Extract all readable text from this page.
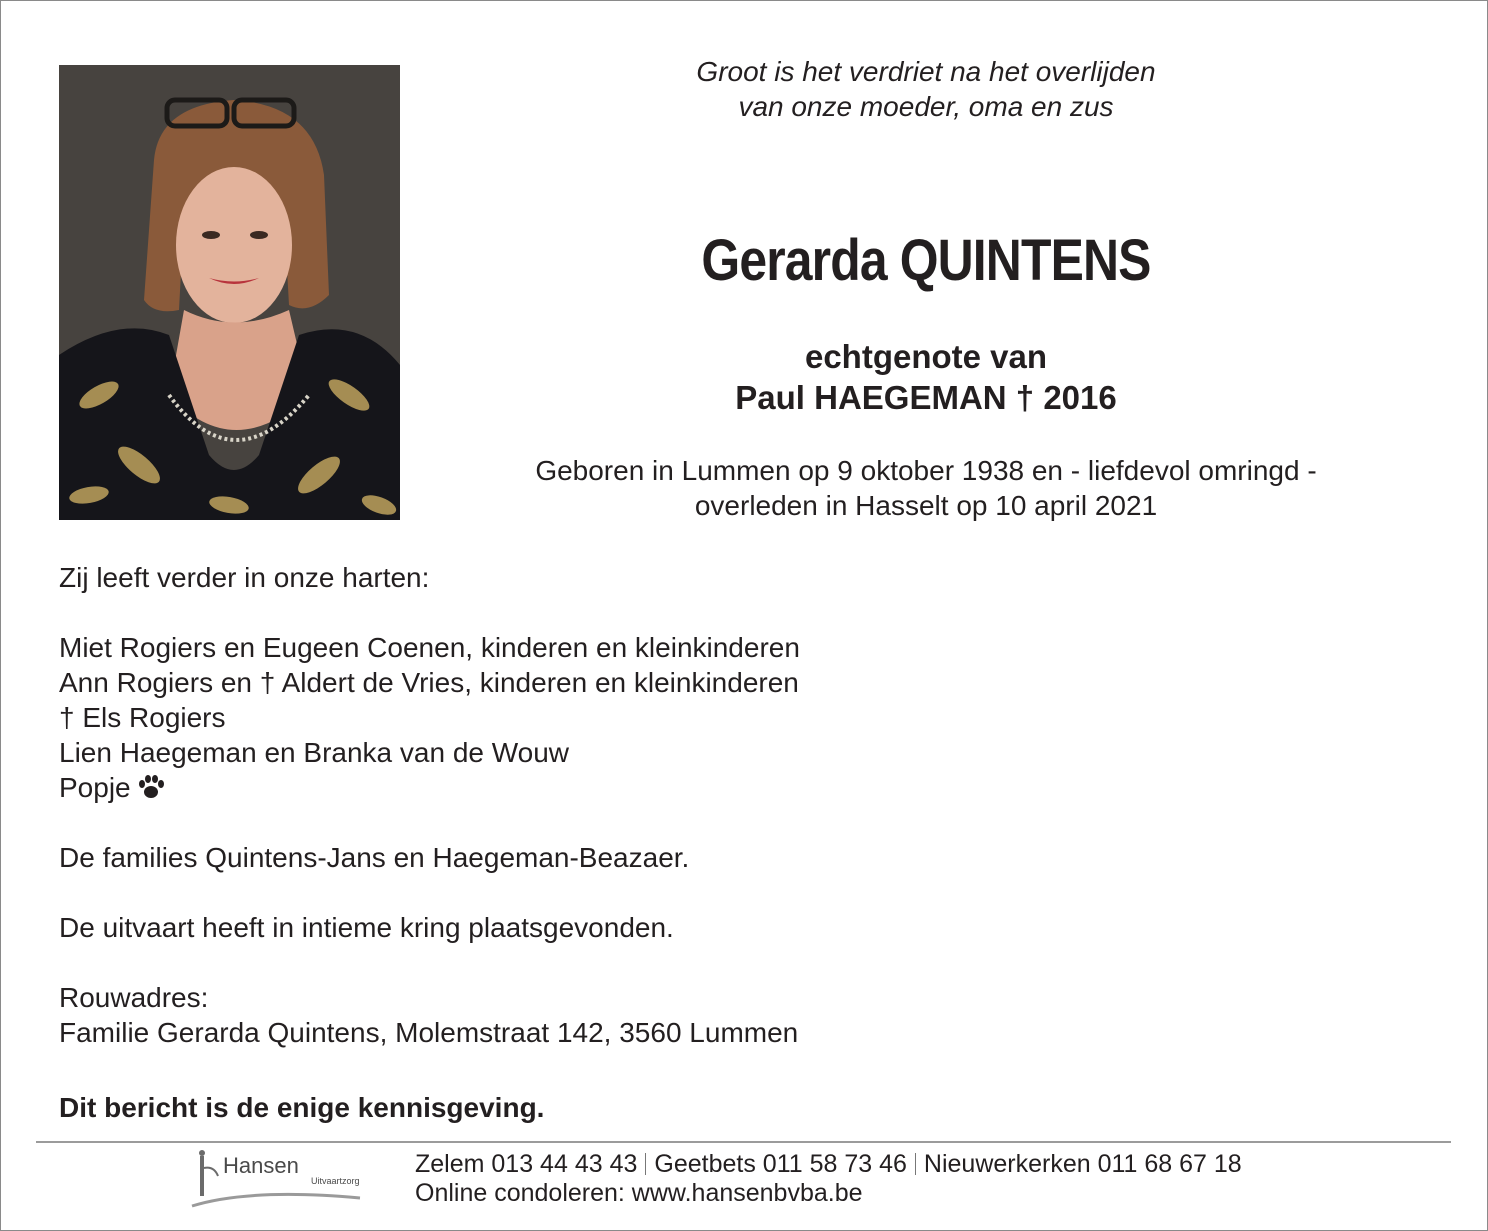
Groot is het verdriet na het overlijden
van onze moeder, oma en zus
Gerarda QUINTENS
echtgenote van
Paul HAEGEMAN † 2016
Geboren in Lummen op 9 oktober 1938 en - liefdevol omringd -
overleden in Hasselt op 10 april 2021
Zij leeft verder in onze harten:
Miet Rogiers en Eugeen Coenen, kinderen en kleinkinderen
Ann Rogiers en † Aldert de Vries, kinderen en kleinkinderen
† Els Rogiers
Lien Haegeman en Branka van de Wouw
Popje
De families Quintens-Jans en Haegeman-Beazaer.
De uitvaart heeft in intieme kring plaatsgevonden.
Rouwadres:
Familie Gerarda Quintens, Molemstraat 142, 3560 Lummen
Dit bericht is de enige kennisgeving.
Hansen
Uitvaartzorg
Zelem 013 44 43 43 Geetbets 011 58 73 46 Nieuwerkerken 011 68 67 18
Online condoleren: www.hansenbvba.be
